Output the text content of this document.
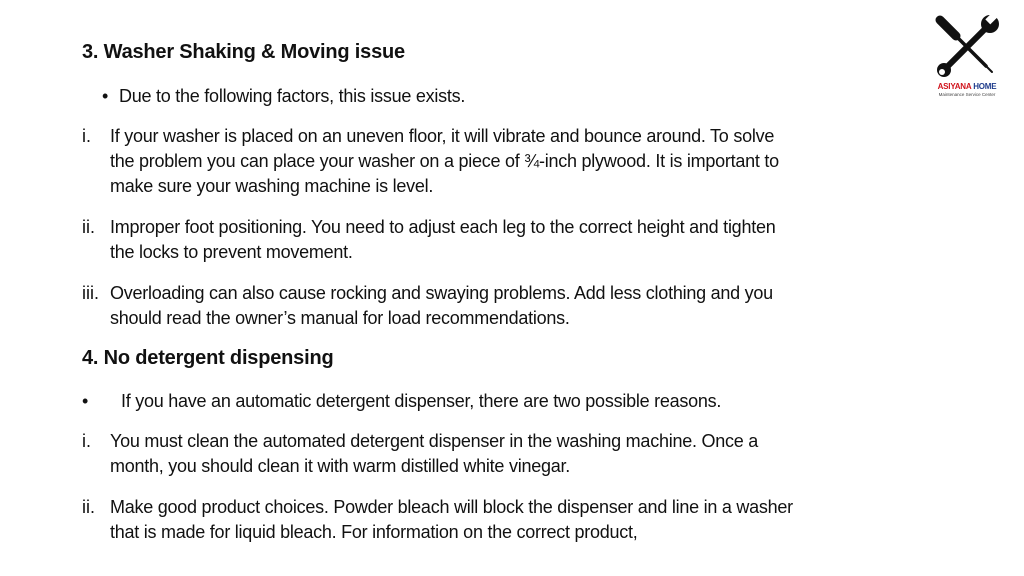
ASIYANA HOME
Maintenance Service Center
3. Washer Shaking & Moving issue
• Due to the following factors, this issue exists.
i. If your washer is placed on an uneven floor, it will vibrate and bounce around. To solve
the problem you can place your washer on a piece of ¾-inch plywood. It is important to
make sure your washing machine is level.
ii. Improper foot positioning. You need to adjust each leg to the correct height and tighten
the locks to prevent movement.
iii. Overloading can also cause rocking and swaying problems. Add less clothing and you
should read the owner’s manual for load recommendations.
4. No detergent dispensing
• If you have an automatic detergent dispenser, there are two possible reasons.
i. You must clean the automated detergent dispenser in the washing machine. Once a
month, you should clean it with warm distilled white vinegar.
ii. Make good product choices. Powder bleach will block the dispenser and line in a washer
that is made for liquid bleach. For information on the correct product,
